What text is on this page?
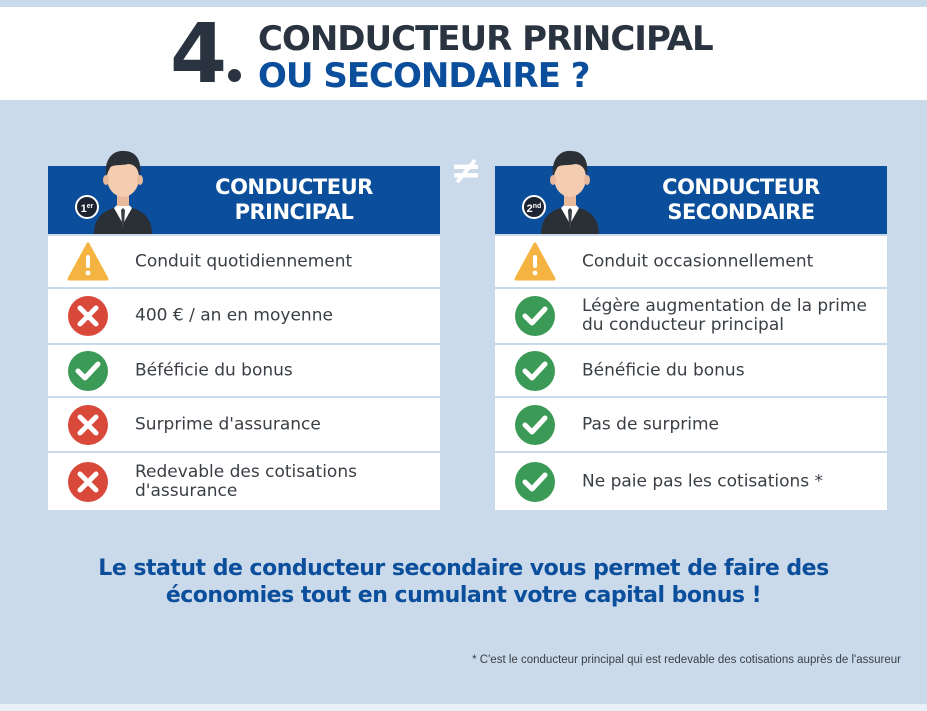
4 CONDUCTEUR PRINCIPAL
OU SECONDAIRE ?
≠
1er
CONDUCTEUR
PRINCIPAL
Conduit quotidiennement
400 € / an en moyenne
Béféficie du bonus
Surprime d'assurance
Redevable des cotisations d'assurance
2nd
CONDUCTEUR
SECONDAIRE
Conduit occasionnellement
Légère augmentation de la prime du conducteur principal
Bénéficie du bonus
Pas de surprime
Ne paie pas les cotisations *
Le statut de conducteur secondaire vous permet de faire des
économies tout en cumulant votre capital bonus !
* C'est le conducteur principal qui est redevable des cotisations auprès de l'assureur
